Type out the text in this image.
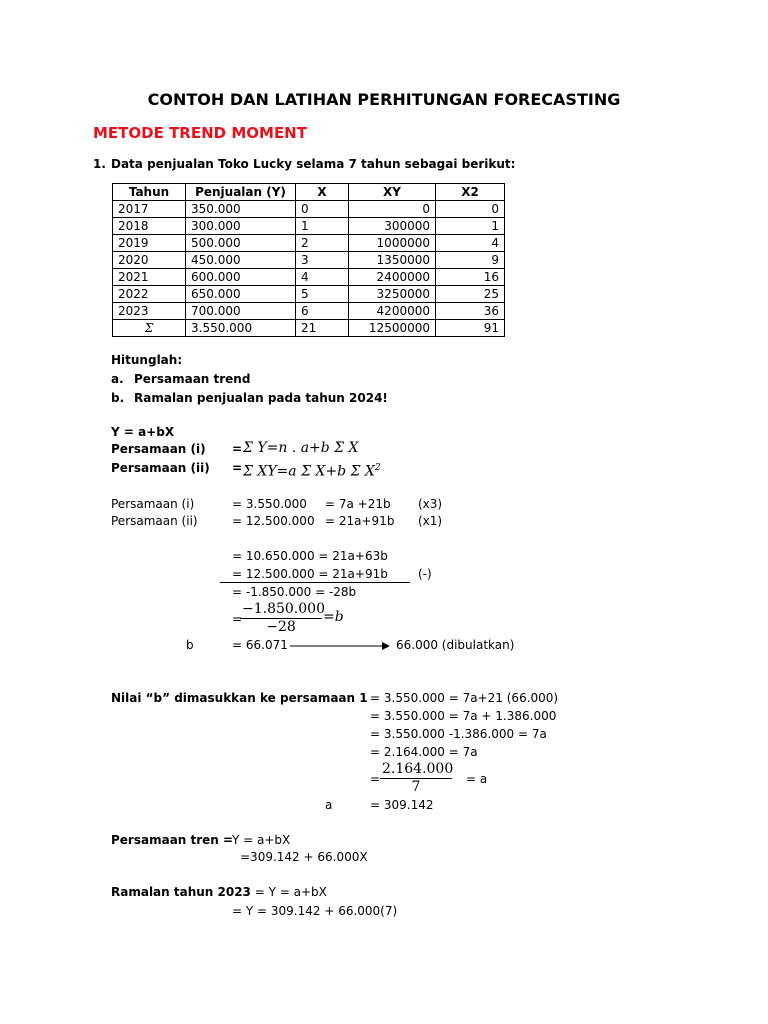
CONTOH DAN LATIHAN PERHITUNGAN FORECASTING
METODE TREND MOMENT
1. Data penjualan Toko Lucky selama 7 tahun sebagai berikut:
Tahun	Penjualan (Y)	X	XY	X2
2017	350.000	0	0	0
2018	300.000	1	300000	1
2019	500.000	2	1000000	4
2020	450.000	3	1350000	9
2021	600.000	4	2400000	16
2022	650.000	5	3250000	25
2023	700.000	6	4200000	36
Σ	3.550.000	21	12500000	91
Hitunglah:
a. Persamaan trend
b. Ramalan penjualan pada tahun 2024!
Y = a+bX
Persamaan (i) = Σ Y=n . a+b Σ X
Persamaan (ii) = Σ XY=a Σ X+b Σ $X^2$
Persamaan (i)	= 3.550.000 = 7a +21b (x3)
Persamaan (ii)	= 12.500.000 = 21a+91b (x1)
= 10.650.000 = 21a+63b
= 12.500.000 = 21a+91b	(-)
= -1.850.000 = -28b
=
$\frac{-1.850.000}{-28} =b$
b	= 66.071	66.000 (dibulatkan)
Nilai “b” dimasukkan ke persamaan 1 = 3.550.000 = 7a+21 (66.000)
= 3.550.000 = 7a + 1.386.000
= 3.550.000 -1.386.000 = 7a
= 2.164.000 = 7a
= $\frac{2.164.000}{7} = a$
a	= 309.142
Persamaan tren =
Y = a+bX
=309.142 + 66.000X
Ramalan tahun 2023 = Y = a+bX
= Y = 309.142 + 66.000(7)
